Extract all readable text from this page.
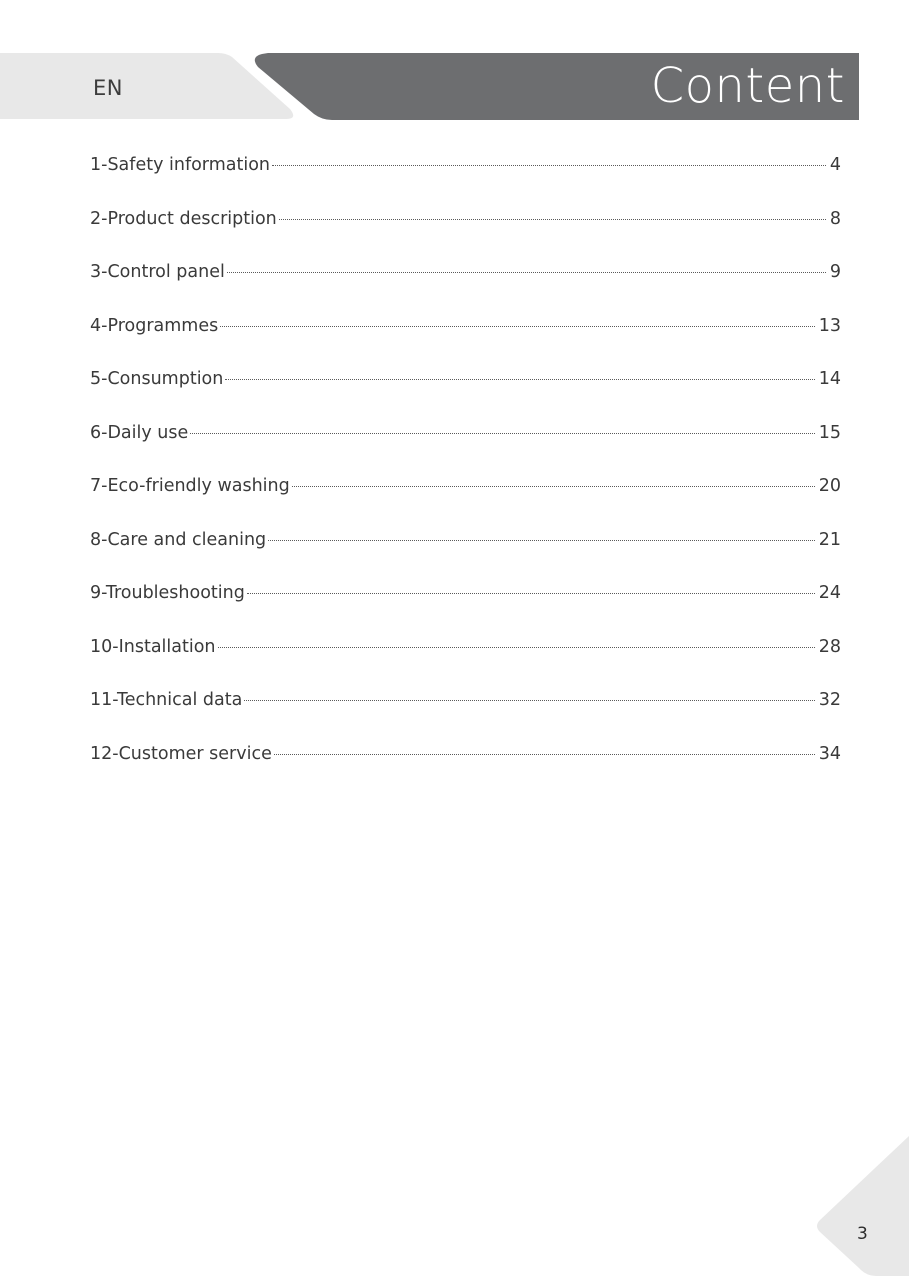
EN	Content
1-Safety information	4
2-Product description	8
3-Control panel	9
4-Programmes	13
5-Consumption	14
6-Daily use	15
7-Eco-friendly washing	20
8-Care and cleaning	21
9-Troubleshooting	24
10-Installation	28
11-Technical data	32
12-Customer service	34
3
